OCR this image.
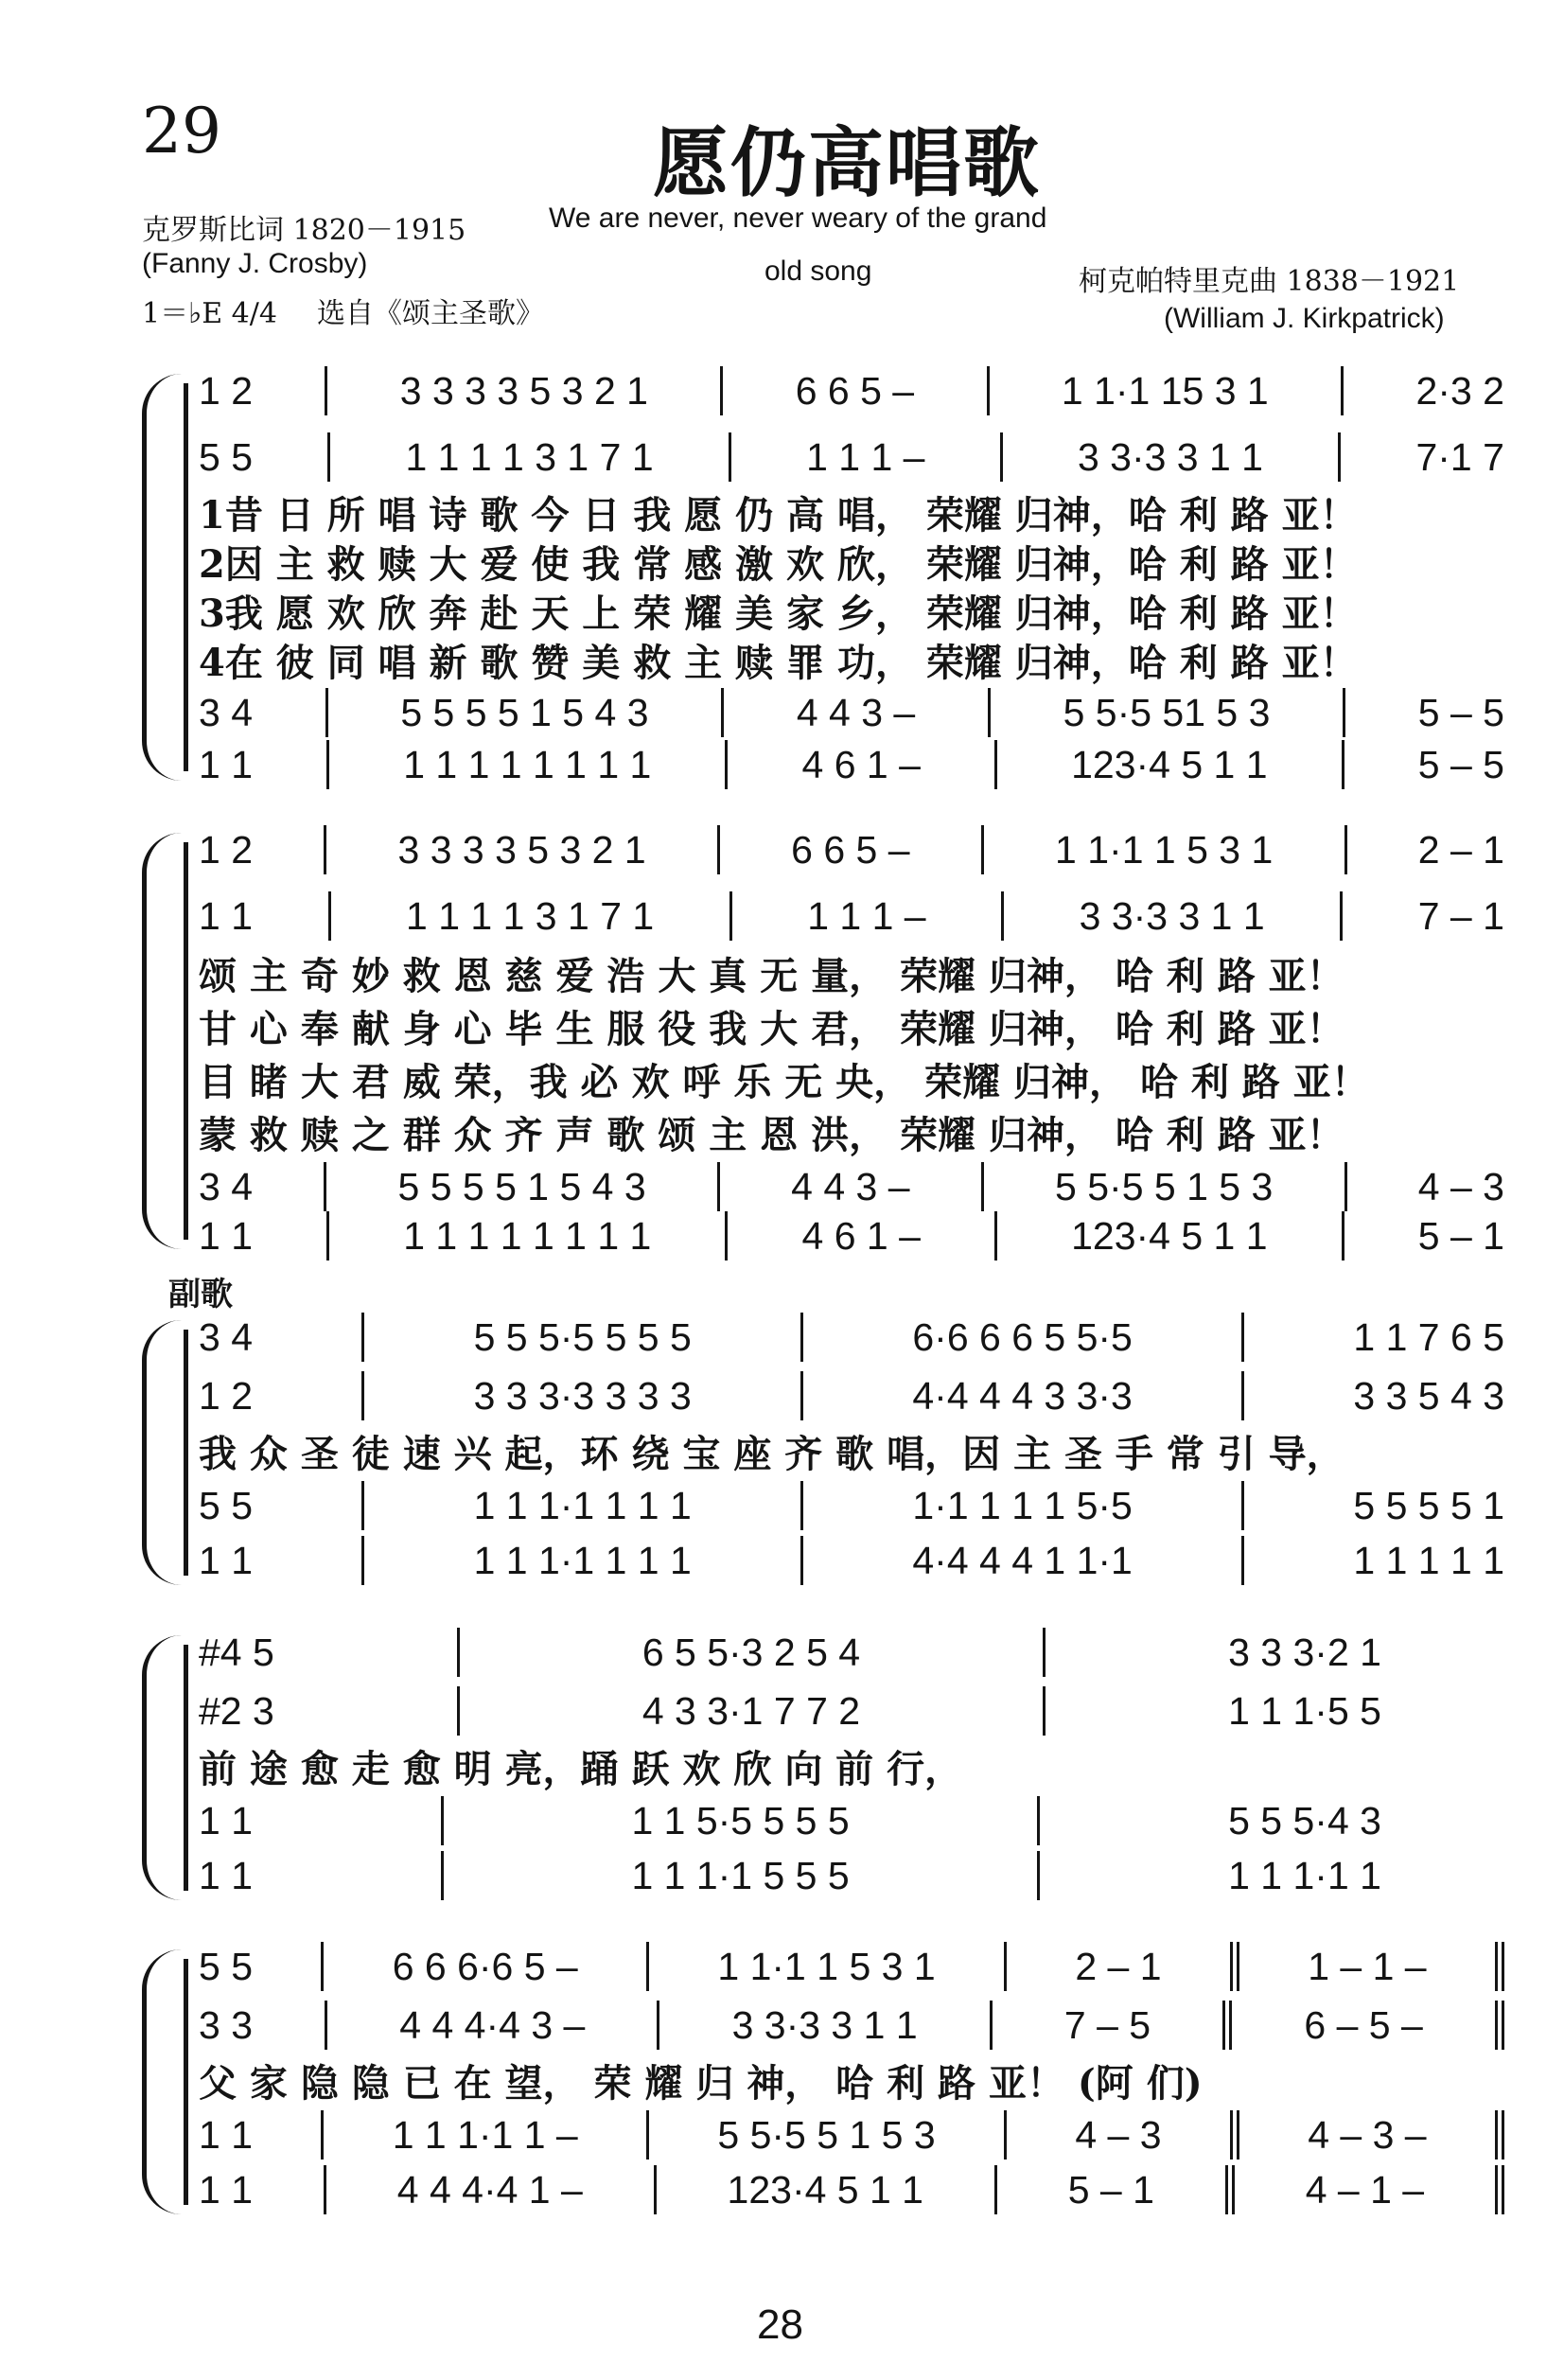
29	愿仍高唱歌
克罗斯比词 1820－1915
(Fanny J. Crosby)
1＝♭E 4/4 选自《颂主圣歌》
We are never, never weary of the grand
old song	柯克帕特里克曲 1838－1921
(William J. Kirkpatrick)
1 2	3 3 3 3 5 3 2 1	6 6 5 –	1 1·1 15 3 1	2·3 2
5 5	1 1 1 1 3 1 7 1	1 1 1 –	3 3·3 3 1 1	7·1 7
1昔 日 所 唱 诗 歌 今 日 我 愿 仍 高 唱， 荣耀 归神，哈 利 路 亚！
2因 主 救 赎 大 爱 使 我 常 感 激 欢 欣， 荣耀 归神，哈 利 路 亚！
3我 愿 欢 欣 奔 赴 天 上 荣 耀 美 家 乡， 荣耀 归神，哈 利 路 亚！
4在 彼 同 唱 新 歌 赞 美 救 主 赎 罪 功， 荣耀 归神，哈 利 路 亚！
3 4	5 5 5 5 1 5 4 3	4 4 3 –	5 5·5 51 5 3	5 – 5
1 1	1 1 1 1 1 1 1 1	4 6 1 –	123·4 5 1 1	5 – 5
1 2	3 3 3 3 5 3 2 1	6 6 5 –	1 1·1 1 5 3 1	2 – 1
1 1	1 1 1 1 3 1 7 1	1 1 1 –	3 3·3 3 1 1	7 – 1
颂 主 奇 妙 救 恩 慈 爱 浩 大 真 无 量， 荣耀 归神， 哈 利 路 亚！
甘 心 奉 献 身 心 毕 生 服 役 我 大 君， 荣耀 归神， 哈 利 路 亚！
目 睹 大 君 威 荣，我 必 欢 呼 乐 无 央， 荣耀 归神， 哈 利 路 亚！
蒙 救 赎 之 群 众 齐 声 歌 颂 主 恩 洪， 荣耀 归神， 哈 利 路 亚！
3 4	5 5 5 5 1 5 4 3	4 4 3 –	5 5·5 5 1 5 3	4 – 3
1 1	1 1 1 1 1 1 1 1	4 6 1 –	123·4 5 1 1	5 – 1
副歌
3 4	5 5 5·5 5 5 5	6·6 6 6 5 5·5	1 1 7 6 5
1 2	3 3 3·3 3 3 3	4·4 4 4 3 3·3	3 3 5 4 3
我 众 圣 徒 速 兴 起，环 绕 宝 座 齐 歌 唱，因 主 圣 手 常 引 导，
5 5	1 1 1·1 1 1 1	1·1 1 1 1 5·5	5 5 5 5 1
1 1	1 1 1·1 1 1 1	4·4 4 4 1 1·1	1 1 1 1 1
#4 5	6 5 5·3 2 5 4	3 3 3·2 1
#2 3	4 3 3·1 7 7 2	1 1 1·5 5
前 途 愈 走 愈 明 亮，踊 跃 欢 欣 向 前 行，
1 1	1 1 5·5 5 5 5	5 5 5·4 3
1 1	1 1 1·1 5 5 5	1 1 1·1 1
5 5	6 6 6·6 5 –	1 1·1 1 5 3 1	2 – 1	1 – 1 –
3 3	4 4 4·4 3 –	3 3·3 3 1 1	7 – 5	6 – 5 –
父 家 隐 隐 已 在 望， 荣 耀 归 神， 哈 利 路 亚！ (阿 们)
1 1	1 1 1·1 1 –	5 5·5 5 1 5 3	4 – 3	4 – 3 –
1 1	4 4 4·4 1 –	123·4 5 1 1	5 – 1	4 – 1 –
28
